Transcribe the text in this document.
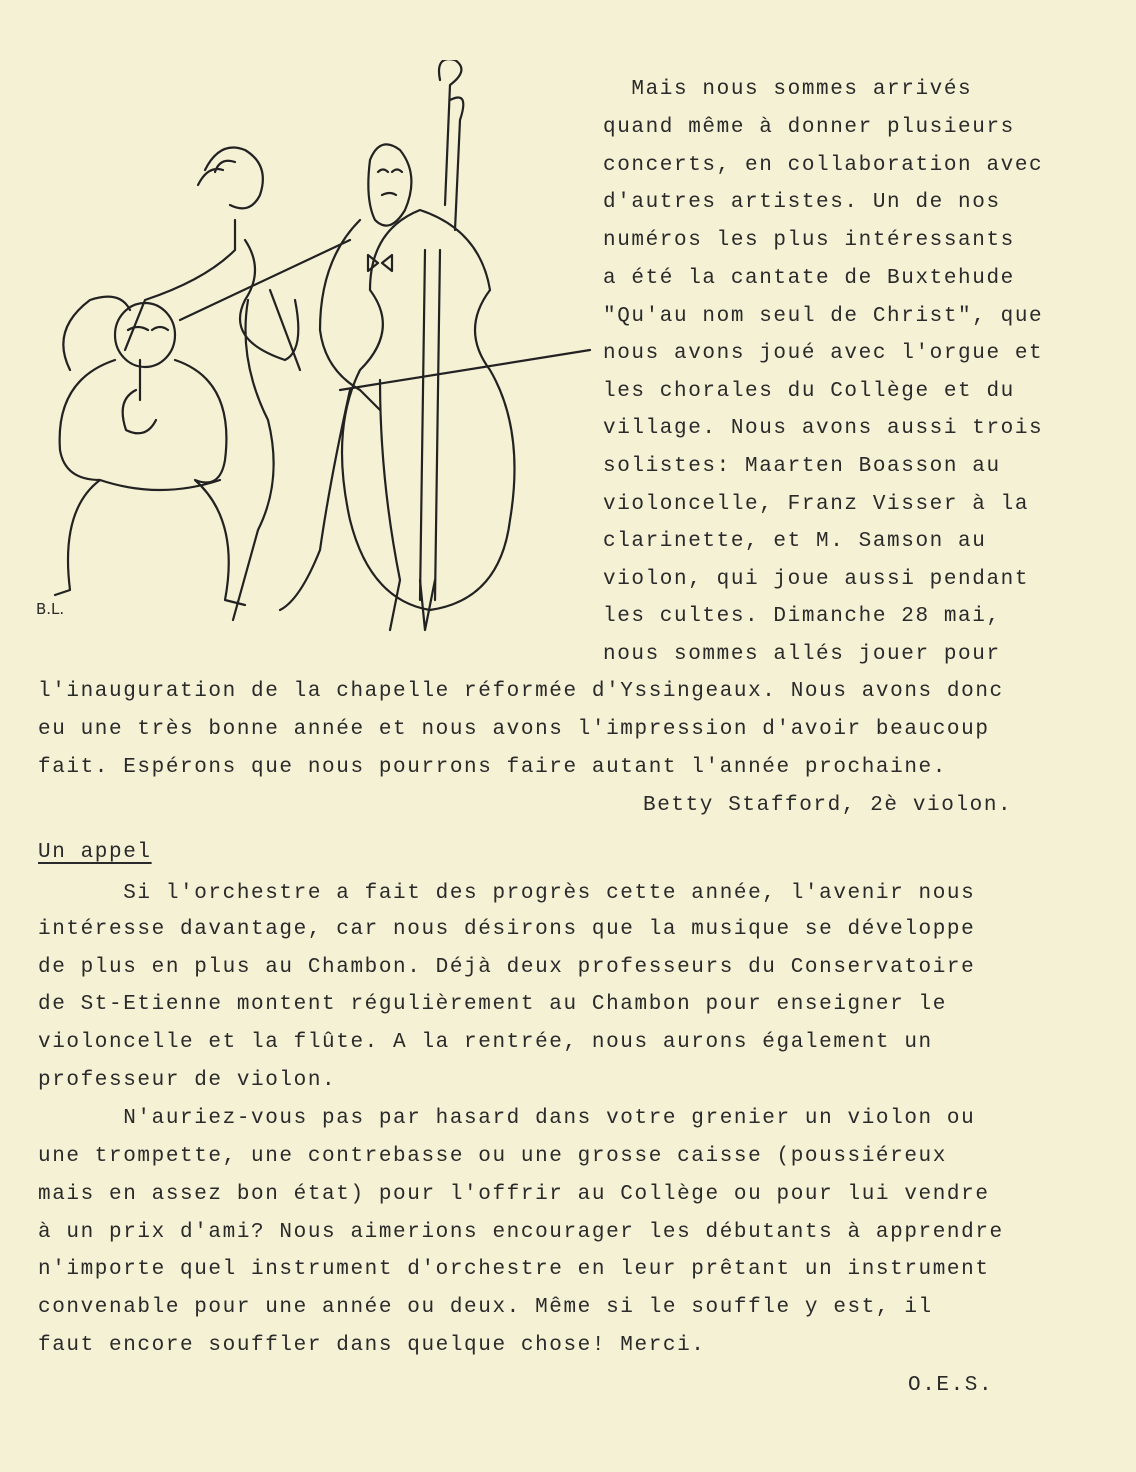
B.L.
Mais nous sommes arrivés
quand même à donner plusieurs
concerts, en collaboration avec
d'autres artistes. Un de nos
numéros les plus intéressants
a été la cantate de Buxtehude
"Qu'au nom seul de Christ", que
nous avons joué avec l'orgue et
les chorales du Collège et du
village. Nous avons aussi trois
solistes: Maarten Boasson au
violoncelle, Franz Visser à la
clarinette, et M. Samson au
violon, qui joue aussi pendant
les cultes. Dimanche 28 mai,
nous sommes allés jouer pour
l'inauguration de la chapelle réformée d'Yssingeaux. Nous avons donc
eu une très bonne année et nous avons l'impression d'avoir beaucoup
fait. Espérons que nous pourrons faire autant l'année prochaine.
Betty Stafford, 2è violon.
Un appel
Si l'orchestre a fait des progrès cette année, l'avenir nous
intéresse davantage, car nous désirons que la musique se développe
de plus en plus au Chambon. Déjà deux professeurs du Conservatoire
de St-Etienne montent régulièrement au Chambon pour enseigner le
violoncelle et la flûte. A la rentrée, nous aurons également un
professeur de violon.
N'auriez-vous pas par hasard dans votre grenier un violon ou
une trompette, une contrebasse ou une grosse caisse (poussiéreux
mais en assez bon état) pour l'offrir au Collège ou pour lui vendre
à un prix d'ami? Nous aimerions encourager les débutants à apprendre
n'importe quel instrument d'orchestre en leur prêtant un instrument
convenable pour une année ou deux. Même si le souffle y est, il
faut encore souffler dans quelque chose! Merci.
O.E.S.
